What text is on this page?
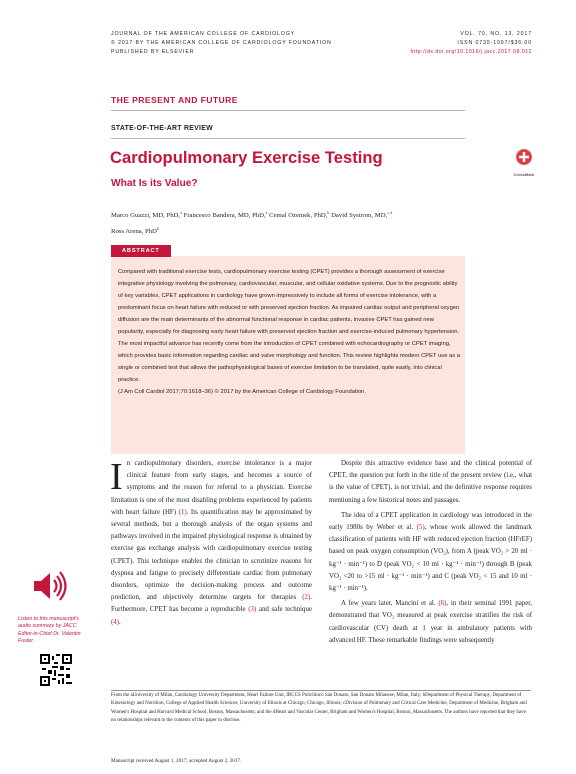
JOURNAL OF THE AMERICAN COLLEGE OF CARDIOLOGY
© 2017 BY THE AMERICAN COLLEGE OF CARDIOLOGY FOUNDATION
PUBLISHED BY ELSEVIER
VOL. 70, NO. 13, 2017
ISSN 0735-1097/$36.00
http://dx.doi.org/10.1016/j.jacc.2017.08.012
THE PRESENT AND FUTURE
STATE-OF-THE-ART REVIEW
Cardiopulmonary Exercise Testing
What Is its Value?
CrossMark
Marco Guazzi, MD, PhD,$^a$ Francesco Bandera, MD, PhD,$^a$ Cemal Ozemek, PhD,$^b$ David Systrom, MD,$^{c,d}$
Ross Arena, PhD$^b$
ABSTRACT
Compared with traditional exercise tests, cardiopulmonary exercise testing (CPET) provides a thorough assessment of exercise integrative physiology involving the pulmonary, cardiovascular, muscular, and cellular oxidative systems. Due to the prognostic ability of key variables, CPET applications in cardiology have grown impressively to include all forms of exercise intolerance, with a predominant focus on heart failure with reduced or with preserved ejection fraction. As impaired cardiac output and peripheral oxygen diffusion are the main determinants of the abnormal functional response in cardiac patients, invasive CPET has gained new popularity, especially for diagnosing early heart failure with preserved ejection fraction and exercise-induced pulmonary hypertension. The most impactful advance has recently come from the introduction of CPET combined with echocardiography or CPET imaging, which provides basic information regarding cardiac and valve morphology and function. This review highlights modern CPET use as a single or combined test that allows the pathophysiological bases of exercise limitation to be translated, quite easily, into clinical practice.
(J Am Coll Cardiol 2017;70:1618–36) © 2017 by the American College of Cardiology Foundation.

In cardiopulmonary disorders, exercise intolerance is a major clinical feature from early stages, and becomes a source of symptoms and the reason for referral to a physician. Exercise limitation is one of the most disabling problems experienced by patients with heart failure (HF) (1). Its quantification may be approximated by several methods, but a thorough analysis of the organ systems and pathways involved in the impaired physiological response is obtained by exercise gas exchange analysis with cardiopulmonary exercise testing (CPET). This technique enables the clinician to scrutinize reasons for dyspnea and fatigue to precisely differentiate cardiac from pulmonary disorders, optimize the decision-making process and outcome prediction, and objectively determine targets for therapies (2). Furthermore, CPET has become a reproducible (3) and safe technique (4).

Despite this attractive evidence base and the clinical potential of CPET, the question put forth in the title of the present review (i.e., what is the value of CPET), is not trivial, and the definitive response requires mentioning a few historical notes and passages.

The idea of a CPET application in cardiology was introduced in the early 1980s by Weber et al. (5), whose work allowed the landmark classification of patients with HF with reduced ejection fraction (HFrEF) based on peak oxygen consumption (VO₂), from A (peak VO₂ > 20 ml · kg⁻¹ · min⁻¹) to D (peak VO₂ < 10 ml · kg⁻¹ · min⁻¹) through B (peak VO₂ <20 to >15 ml · kg⁻¹ · min⁻¹) and C (peak VO₂ < 15 and 10 ml · kg⁻¹ · min⁻¹).

A few years later, Mancini et al. (6), in their seminal 1991 paper, demonstrated that VO₂ measured at peak exercise stratifies the risk of cardiovascular (CV) death at 1 year in ambulatory patients with advanced HF. These remarkable findings were subsequently

Listen to this manuscript's audio summary by JACC Editor-in-Chief Dr. Valentin Fuster.
From the aUniversity of Milan, Cardiology University Department, Heart Failure Unit, IRCCS Policlinico San Donato, San Donato Milanese, Milan, Italy; bDepartment of Physical Therapy, Department of Kinesiology and Nutrition, College of Applied Health Sciences, University of Illinois at Chicago, Chicago, Illinois; cDivision of Pulmonary and Critical Care Medicine, Department of Medicine, Brigham and Women's Hospital and Harvard Medical School, Boston, Massachusetts; and the dHeart and Vascular Center, Brigham and Women's Hospital, Boston, Massachusetts. The authors have reported that they have no relationships relevant to the contents of this paper to disclose.
Manuscript received August 1, 2017; accepted August 2, 2017.
